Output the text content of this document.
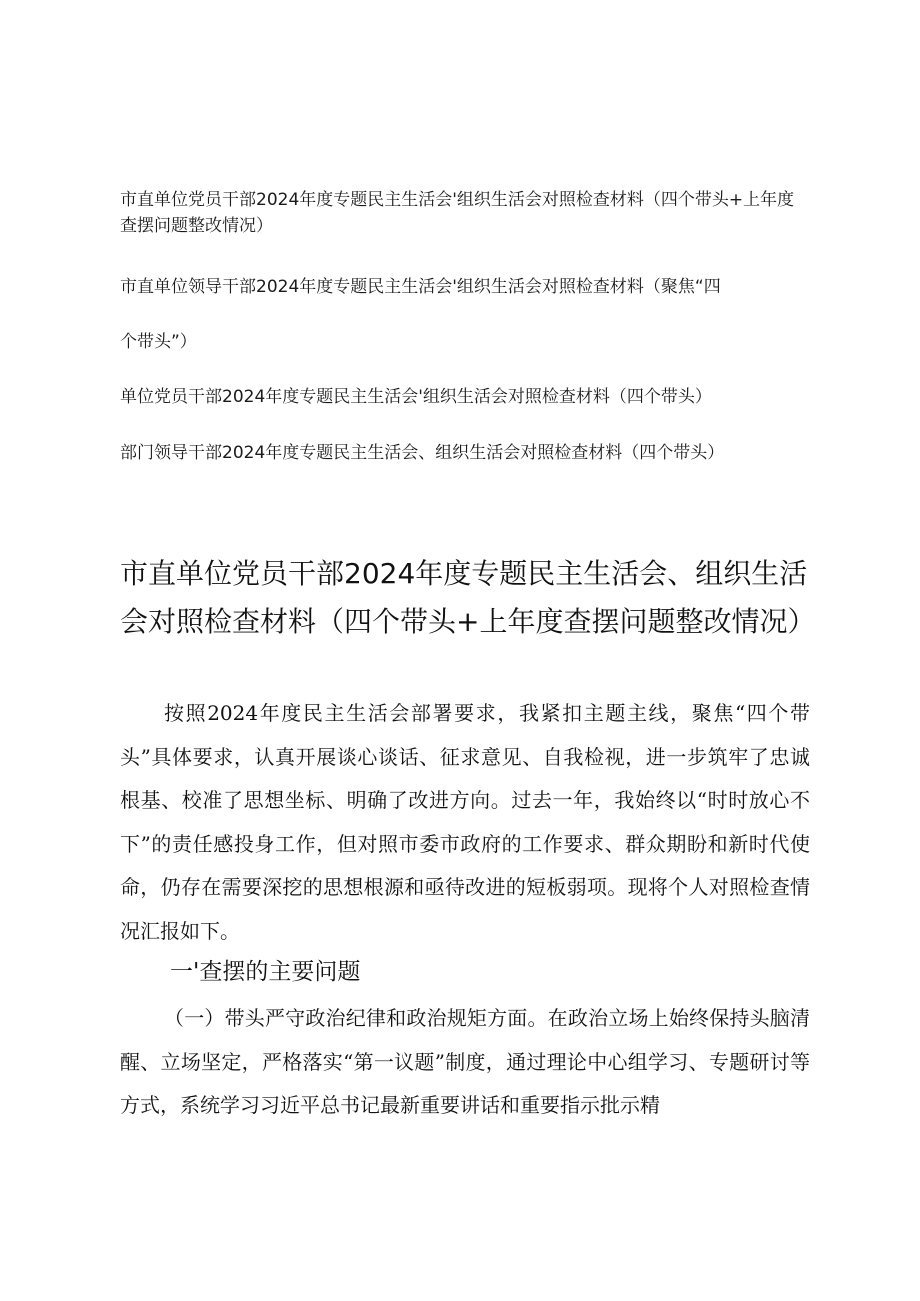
市直单位党员干部2024年度专题民主生活会'组织生活会对照检查材料（四个带头+上年度查摆问题整改情况）

市直单位领导干部2024年度专题民主生活会'组织生活会对照检查材料（聚焦“四

个带头”）

单位党员干部2024年度专题民主生活会'组织生活会对照检查材料（四个带头）

部门领导干部2024年度专题民主生活会、组织生活会对照检查材料（四个带头）

市直单位党员干部2024年度专题民主生活会、组织生活会对照检查材料（四个带头+上年度查摆问题整改情况）

按照2024年度民主生活会部署要求，我紧扣主题主线，聚焦“四个带头”具体要求，认真开展谈心谈话、征求意见、自我检视，进一步筑牢了忠诚根基、校准了思想坐标、明确了改进方向。过去一年，我始终以“时时放心不下”的责任感投身工作，但对照市委市政府的工作要求、群众期盼和新时代使命，仍存在需要深挖的思想根源和亟待改进的短板弱项。现将个人对照检查情况汇报如下。

一'查摆的主要问题

（一）带头严守政治纪律和政治规矩方面。在政治立场上始终保持头脑清醒、立场坚定，严格落实“第一议题”制度，通过理论中心组学习、专题研讨等方式，系统学习习近平总书记最新重要讲话和重要指示批示精
